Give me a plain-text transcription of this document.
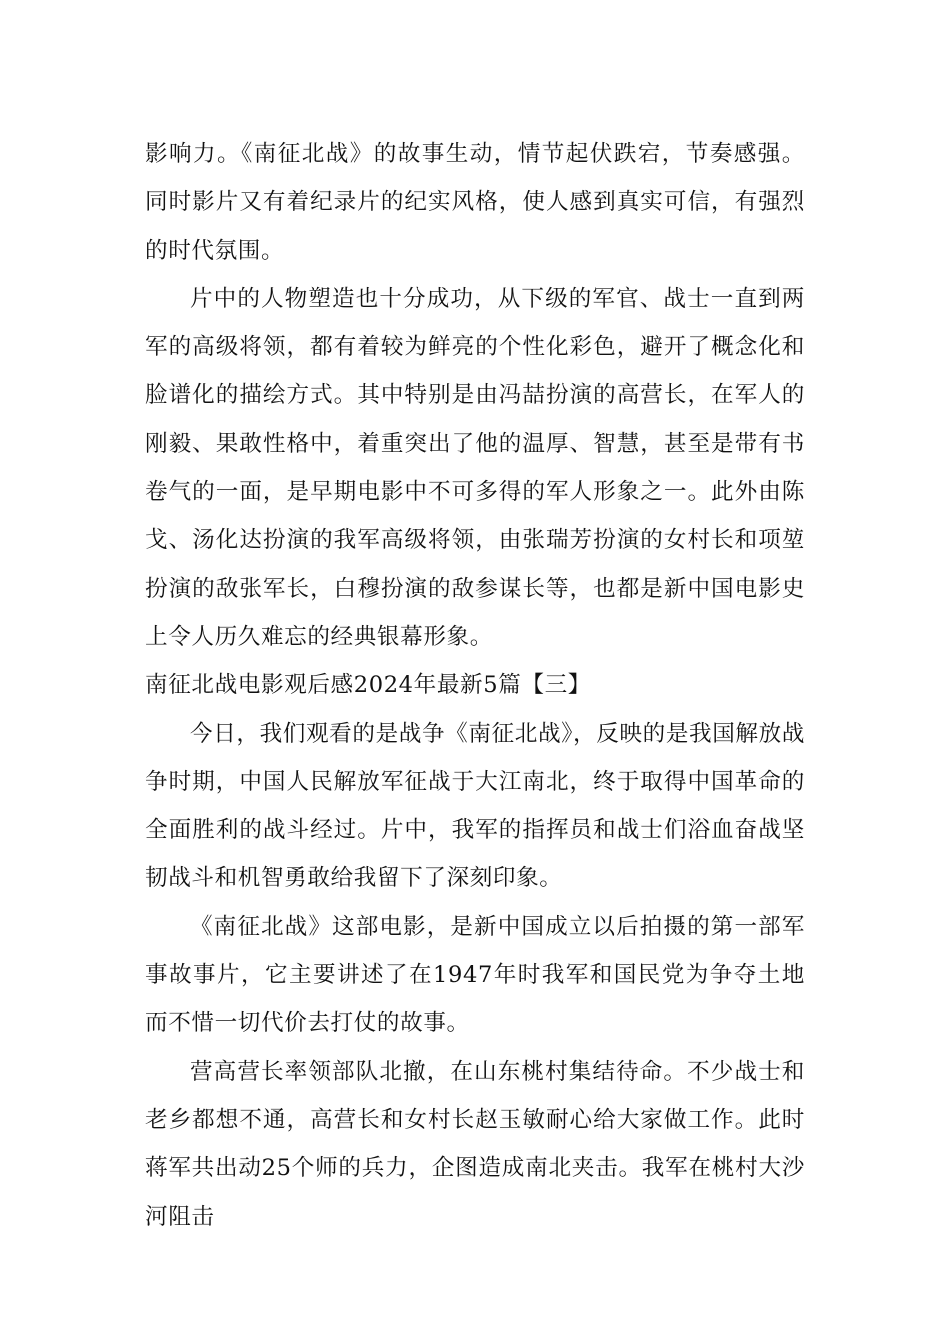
影响力。《南征北战》的故事生动，情节起伏跌宕，节奏感强。同时影片又有着纪录片的纪实风格，使人感到真实可信，有强烈的时代氛围。

片中的人物塑造也十分成功，从下级的军官、战士一直到两军的高级将领，都有着较为鲜亮的个性化彩色，避开了概念化和脸谱化的描绘方式。其中特别是由冯喆扮演的高营长，在军人的刚毅、果敢性格中，着重突出了他的温厚、智慧，甚至是带有书卷气的一面，是早期电影中不可多得的军人形象之一。此外由陈戈、汤化达扮演的我军高级将领，由张瑞芳扮演的女村长和项堃扮演的敌张军长，白穆扮演的敌参谋长等，也都是新中国电影史上令人历久难忘的经典银幕形象。

南征北战电影观后感2024年最新5篇【三】

今日，我们观看的是战争《南征北战》，反映的是我国解放战争时期，中国人民解放军征战于大江南北，终于取得中国革命的全面胜利的战斗经过。片中，我军的指挥员和战士们浴血奋战坚韧战斗和机智勇敢给我留下了深刻印象。

《南征北战》这部电影，是新中国成立以后拍摄的第一部军事故事片，它主要讲述了在1947年时我军和国民党为争夺土地而不惜一切代价去打仗的故事。

营高营长率领部队北撤，在山东桃村集结待命。不少战士和老乡都想不通，高营长和女村长赵玉敏耐心给大家做工作。此时蒋军共出动25个师的兵力，企图造成南北夹击。我军在桃村大沙河阻击
